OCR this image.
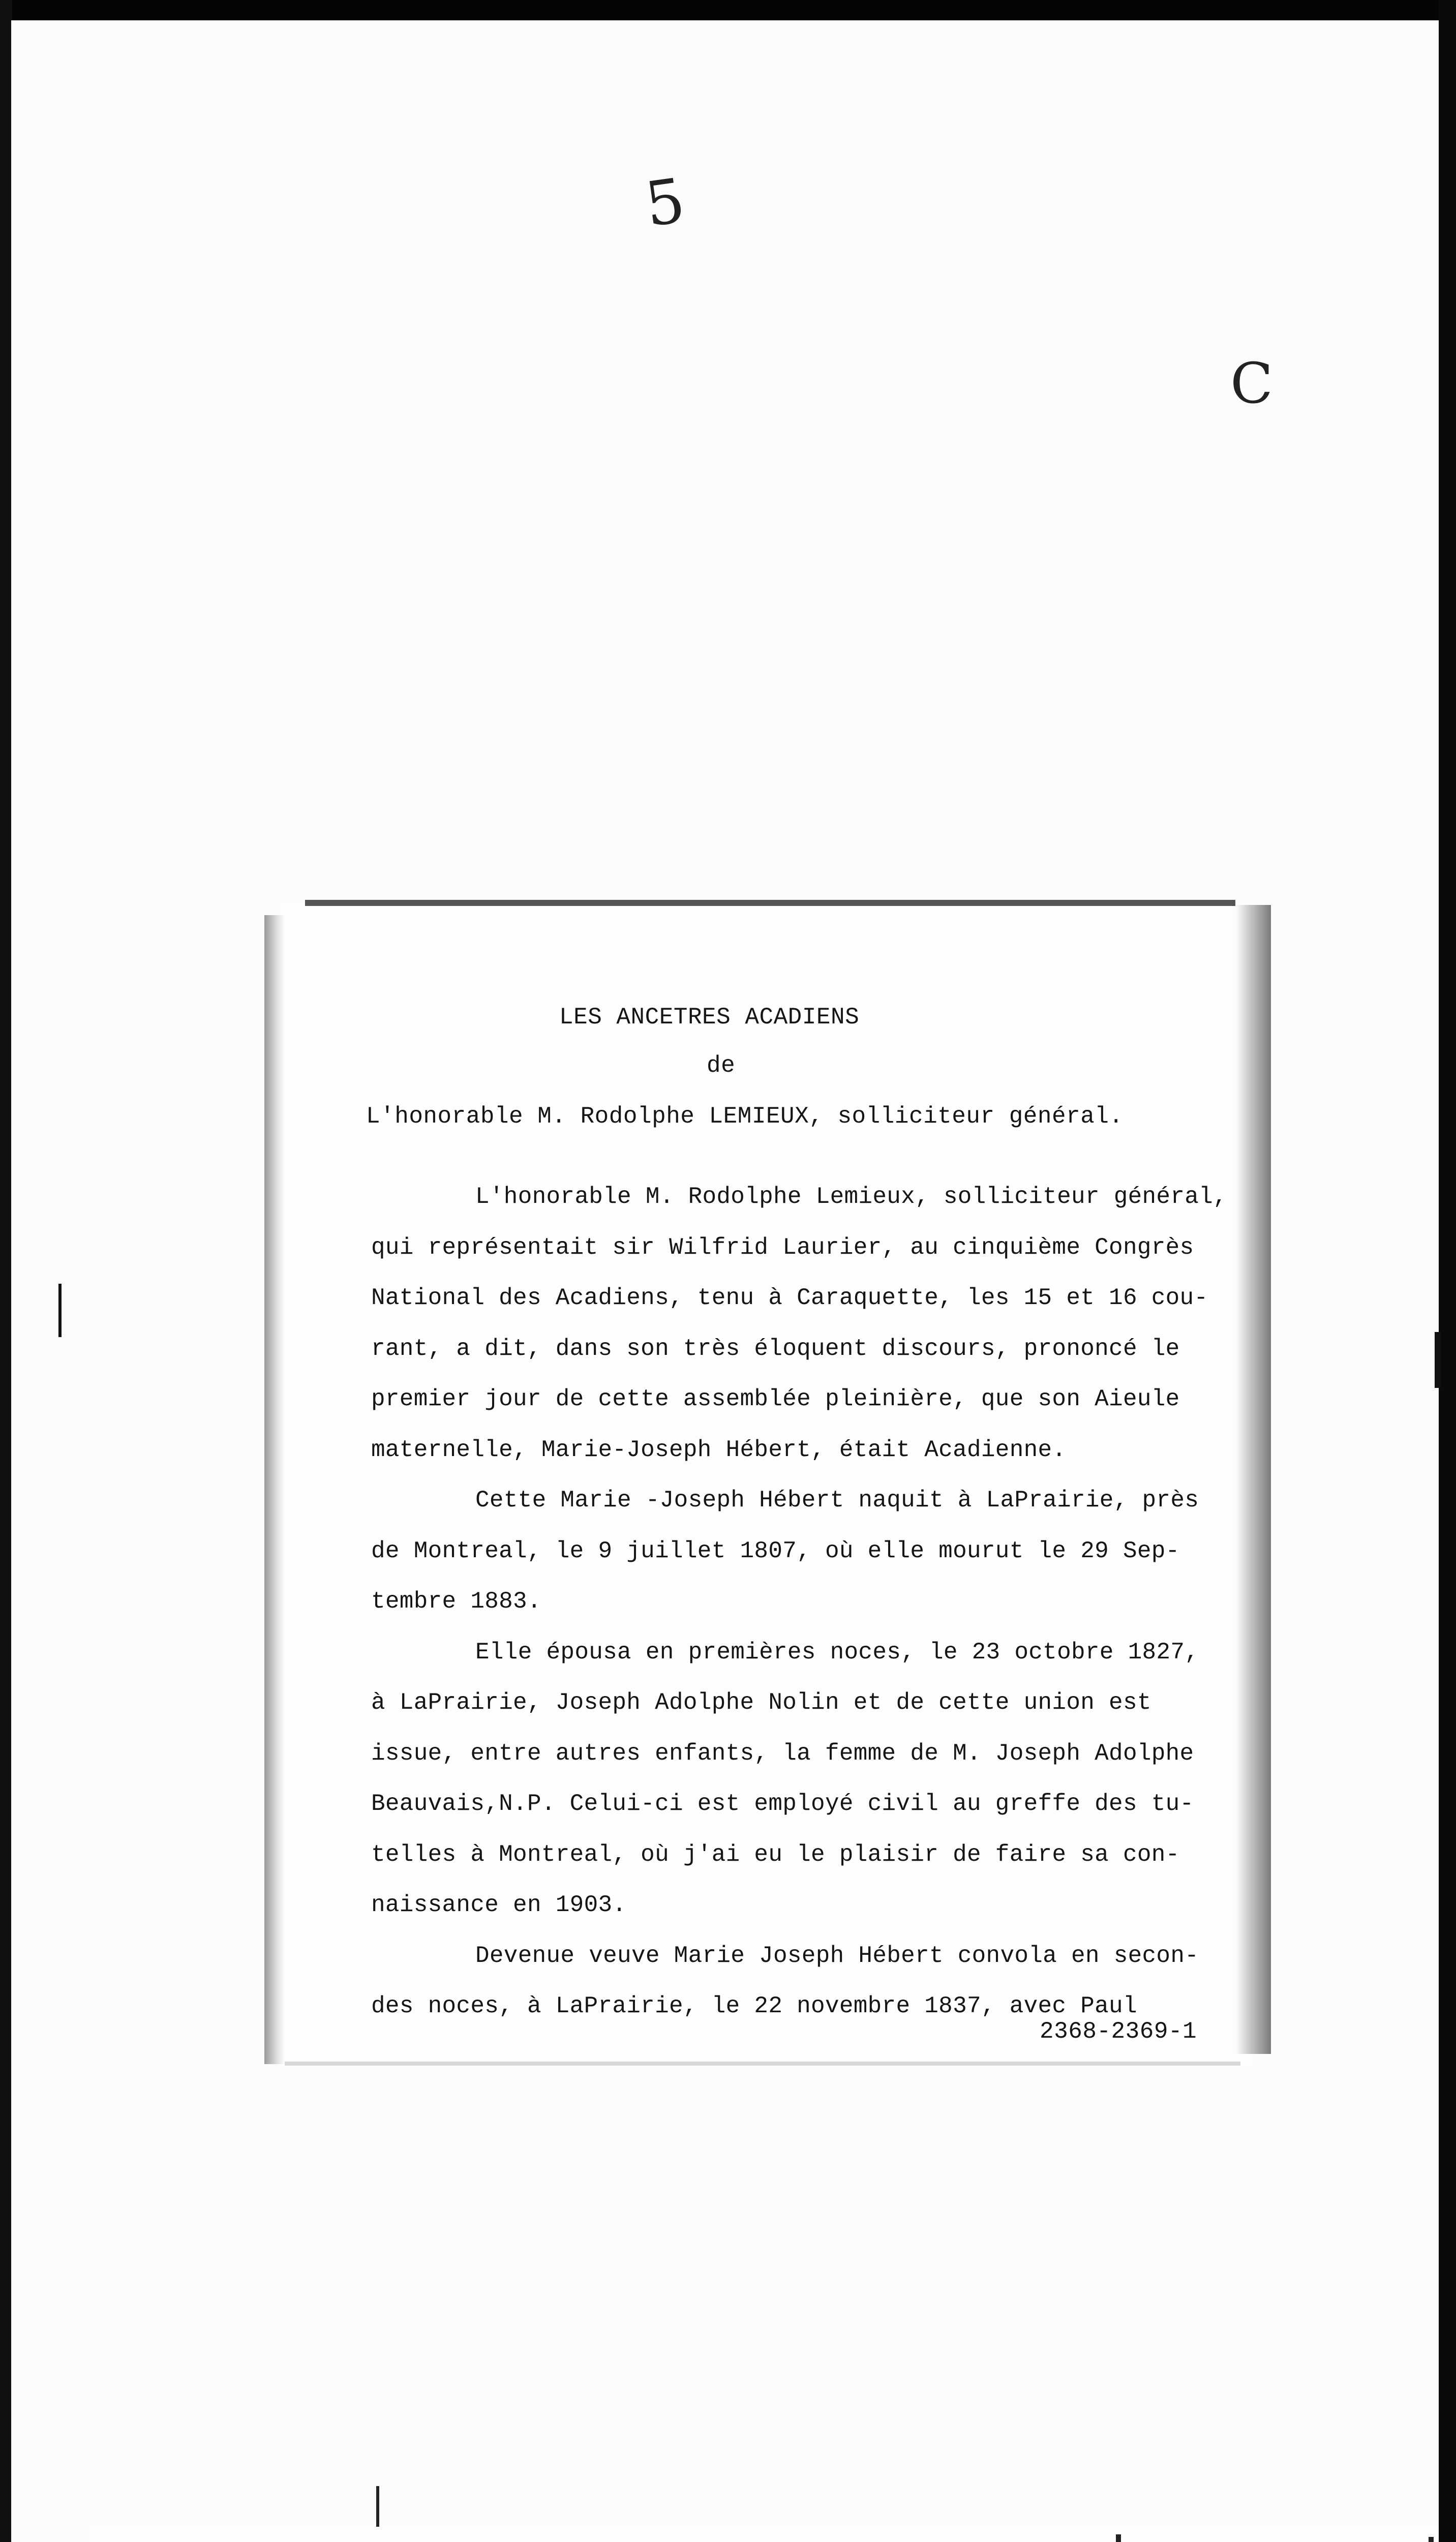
5
C
LES ANCETRES ACADIENS
de
L'honorable M. Rodolphe LEMIEUX, solliciteur général.
L'honorable M. Rodolphe Lemieux, solliciteur général,
qui représentait sir Wilfrid Laurier, au cinquième Congrès
National des Acadiens, tenu à Caraquette, les 15 et 16 cou-
rant, a dit, dans son très éloquent discours, prononcé le
premier jour de cette assemblée pleinière, que son Aieule
maternelle, Marie-Joseph Hébert, était Acadienne.
Cette Marie -Joseph Hébert naquit à LaPrairie, près
de Montreal, le 9 juillet 1807, où elle mourut le 29 Sep-
tembre 1883.
Elle épousa en premières noces, le 23 octobre 1827,
à LaPrairie, Joseph Adolphe Nolin et de cette union est
issue, entre autres enfants, la femme de M. Joseph Adolphe
Beauvais,N.P. Celui-ci est employé civil au greffe des tu-
telles à Montreal, où j'ai eu le plaisir de faire sa con-
naissance en 1903.
Devenue veuve Marie Joseph Hébert convola en secon-
des noces, à LaPrairie, le 22 novembre 1837, avec Paul
2368-2369-1
